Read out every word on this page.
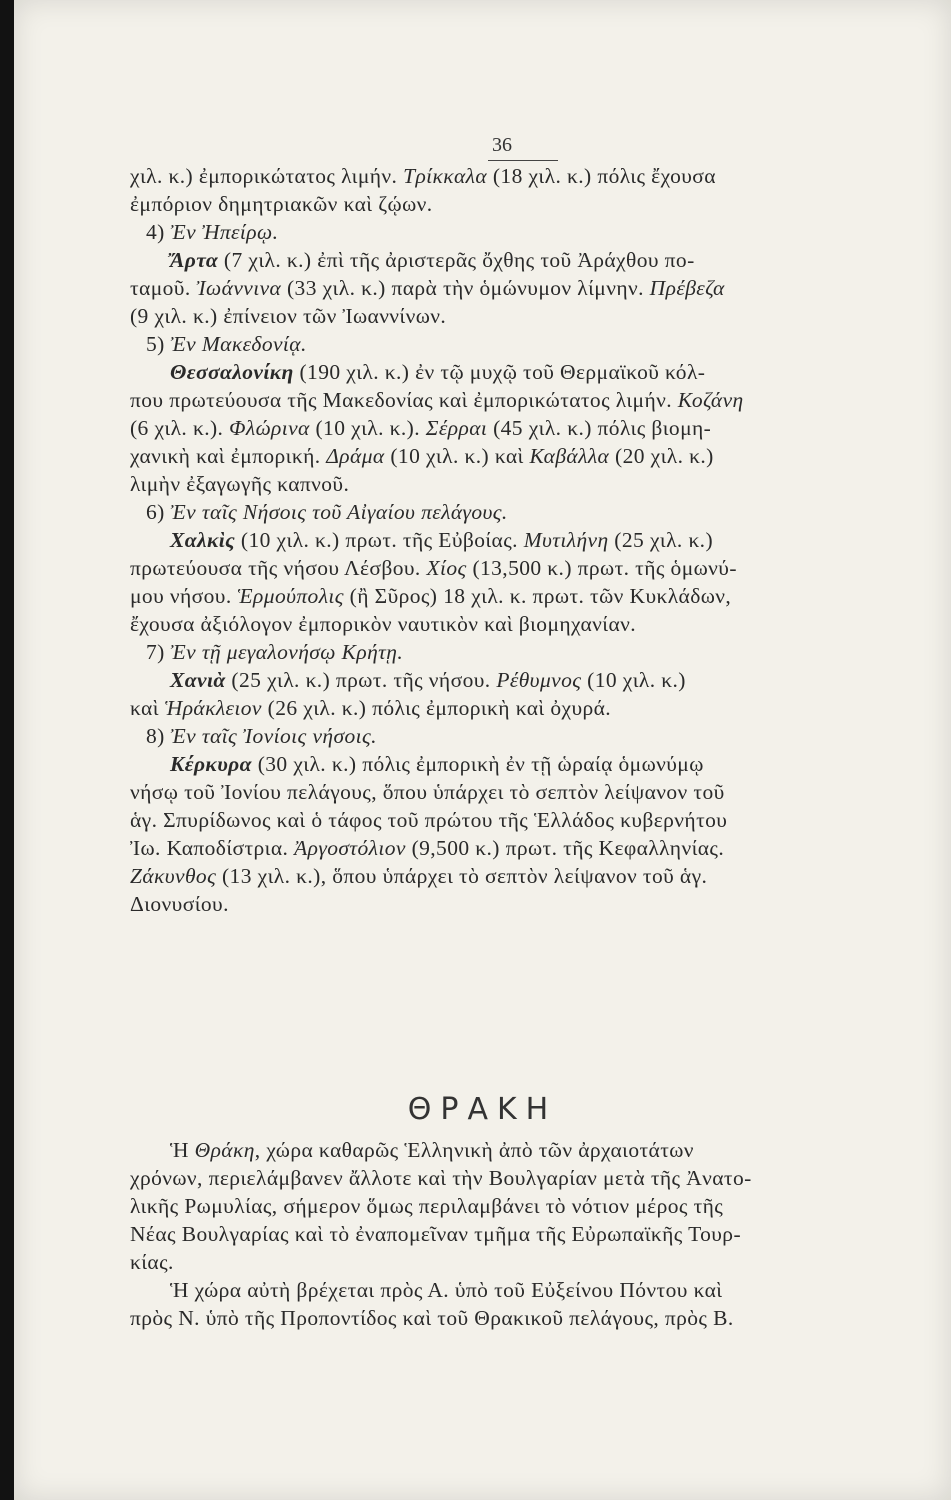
36
χιλ. κ.) ἐμπορικώτατος λιμήν. Τρίκκαλα (18 χιλ. κ.) πόλις ἔχουσα
ἐμπόριον δημητριακῶν καὶ ζῴων.
4) Ἐν Ἠπείρῳ.
Ἄρτα (7 χιλ. κ.) ἐπὶ τῆς ἀριστερᾶς ὄχθης τοῦ Ἀράχθου πο-
ταμοῦ. Ἰωάννινα (33 χιλ. κ.) παρὰ τὴν ὁμώνυμον λίμνην. Πρέβεζα
(9 χιλ. κ.) ἐπίνειον τῶν Ἰωαννίνων.
5) Ἐν Μακεδονίᾳ.
Θεσσαλονίκη (190 χιλ. κ.) ἐν τῷ μυχῷ τοῦ Θερμαϊκοῦ κόλ-
που πρωτεύουσα τῆς Μακεδονίας καὶ ἐμπορικώτατος λιμήν. Κοζάνη
(6 χιλ. κ.). Φλώρινα (10 χιλ. κ.). Σέρραι (45 χιλ. κ.) πόλις βιομη-
χανικὴ καὶ ἐμπορική. Δράμα (10 χιλ. κ.) καὶ Καβάλλα (20 χιλ. κ.)
λιμὴν ἐξαγωγῆς καπνοῦ.
6) Ἐν ταῖς Νήσοις τοῦ Αἰγαίου πελάγους.
Χαλκὶς (10 χιλ. κ.) πρωτ. τῆς Εὐβοίας. Μυτιλήνη (25 χιλ. κ.)
πρωτεύουσα τῆς νήσου Λέσβου. Χίος (13,500 κ.) πρωτ. τῆς ὁμωνύ-
μου νήσου. Ἑρμούπολις (ἢ Σῦρος) 18 χιλ. κ. πρωτ. τῶν Κυκλάδων,
ἔχουσα ἀξιόλογον ἐμπορικὸν ναυτικὸν καὶ βιομηχανίαν.
7) Ἐν τῇ μεγαλονήσῳ Κρήτῃ.
Χανιὰ (25 χιλ. κ.) πρωτ. τῆς νήσου. Ρέθυμνος (10 χιλ. κ.)
καὶ Ἡράκλειον (26 χιλ. κ.) πόλις ἐμπορικὴ καὶ ὀχυρά.
8) Ἐν ταῖς Ἰονίοις νήσοις.
Κέρκυρα (30 χιλ. κ.) πόλις ἐμπορικὴ ἐν τῇ ὡραίᾳ ὁμωνύμῳ
νήσῳ τοῦ Ἰονίου πελάγους, ὅπου ὑπάρχει τὸ σεπτὸν λείψανον τοῦ
ἁγ. Σπυρίδωνος καὶ ὁ τάφος τοῦ πρώτου τῆς Ἑλλάδος κυβερνήτου
Ἰω. Καποδίστρια. Ἀργοστόλιον (9,500 κ.) πρωτ. τῆς Κεφαλληνίας.
Ζάκυνθος (13 χιλ. κ.), ὅπου ὑπάρχει τὸ σεπτὸν λείψανον τοῦ ἁγ.
Διονυσίου.
ΘΡΑΚΗ
Ἡ Θράκη, χώρα καθαρῶς Ἑλληνικὴ ἀπὸ τῶν ἀρχαιοτάτων
χρόνων, περιελάμβανεν ἄλλοτε καὶ τὴν Βουλγαρίαν μετὰ τῆς Ἀνατο-
λικῆς Ρωμυλίας, σήμερον ὅμως περιλαμβάνει τὸ νότιον μέρος τῆς
Νέας Βουλγαρίας καὶ τὸ ἐναπομεῖναν τμῆμα τῆς Εὐρωπαϊκῆς Τουρ-
κίας.
Ἡ χώρα αὐτὴ βρέχεται πρὸς Α. ὑπὸ τοῦ Εὐξείνου Πόντου καὶ
πρὸς Ν. ὑπὸ τῆς Προποντίδος καὶ τοῦ Θρακικοῦ πελάγους, πρὸς Β.
